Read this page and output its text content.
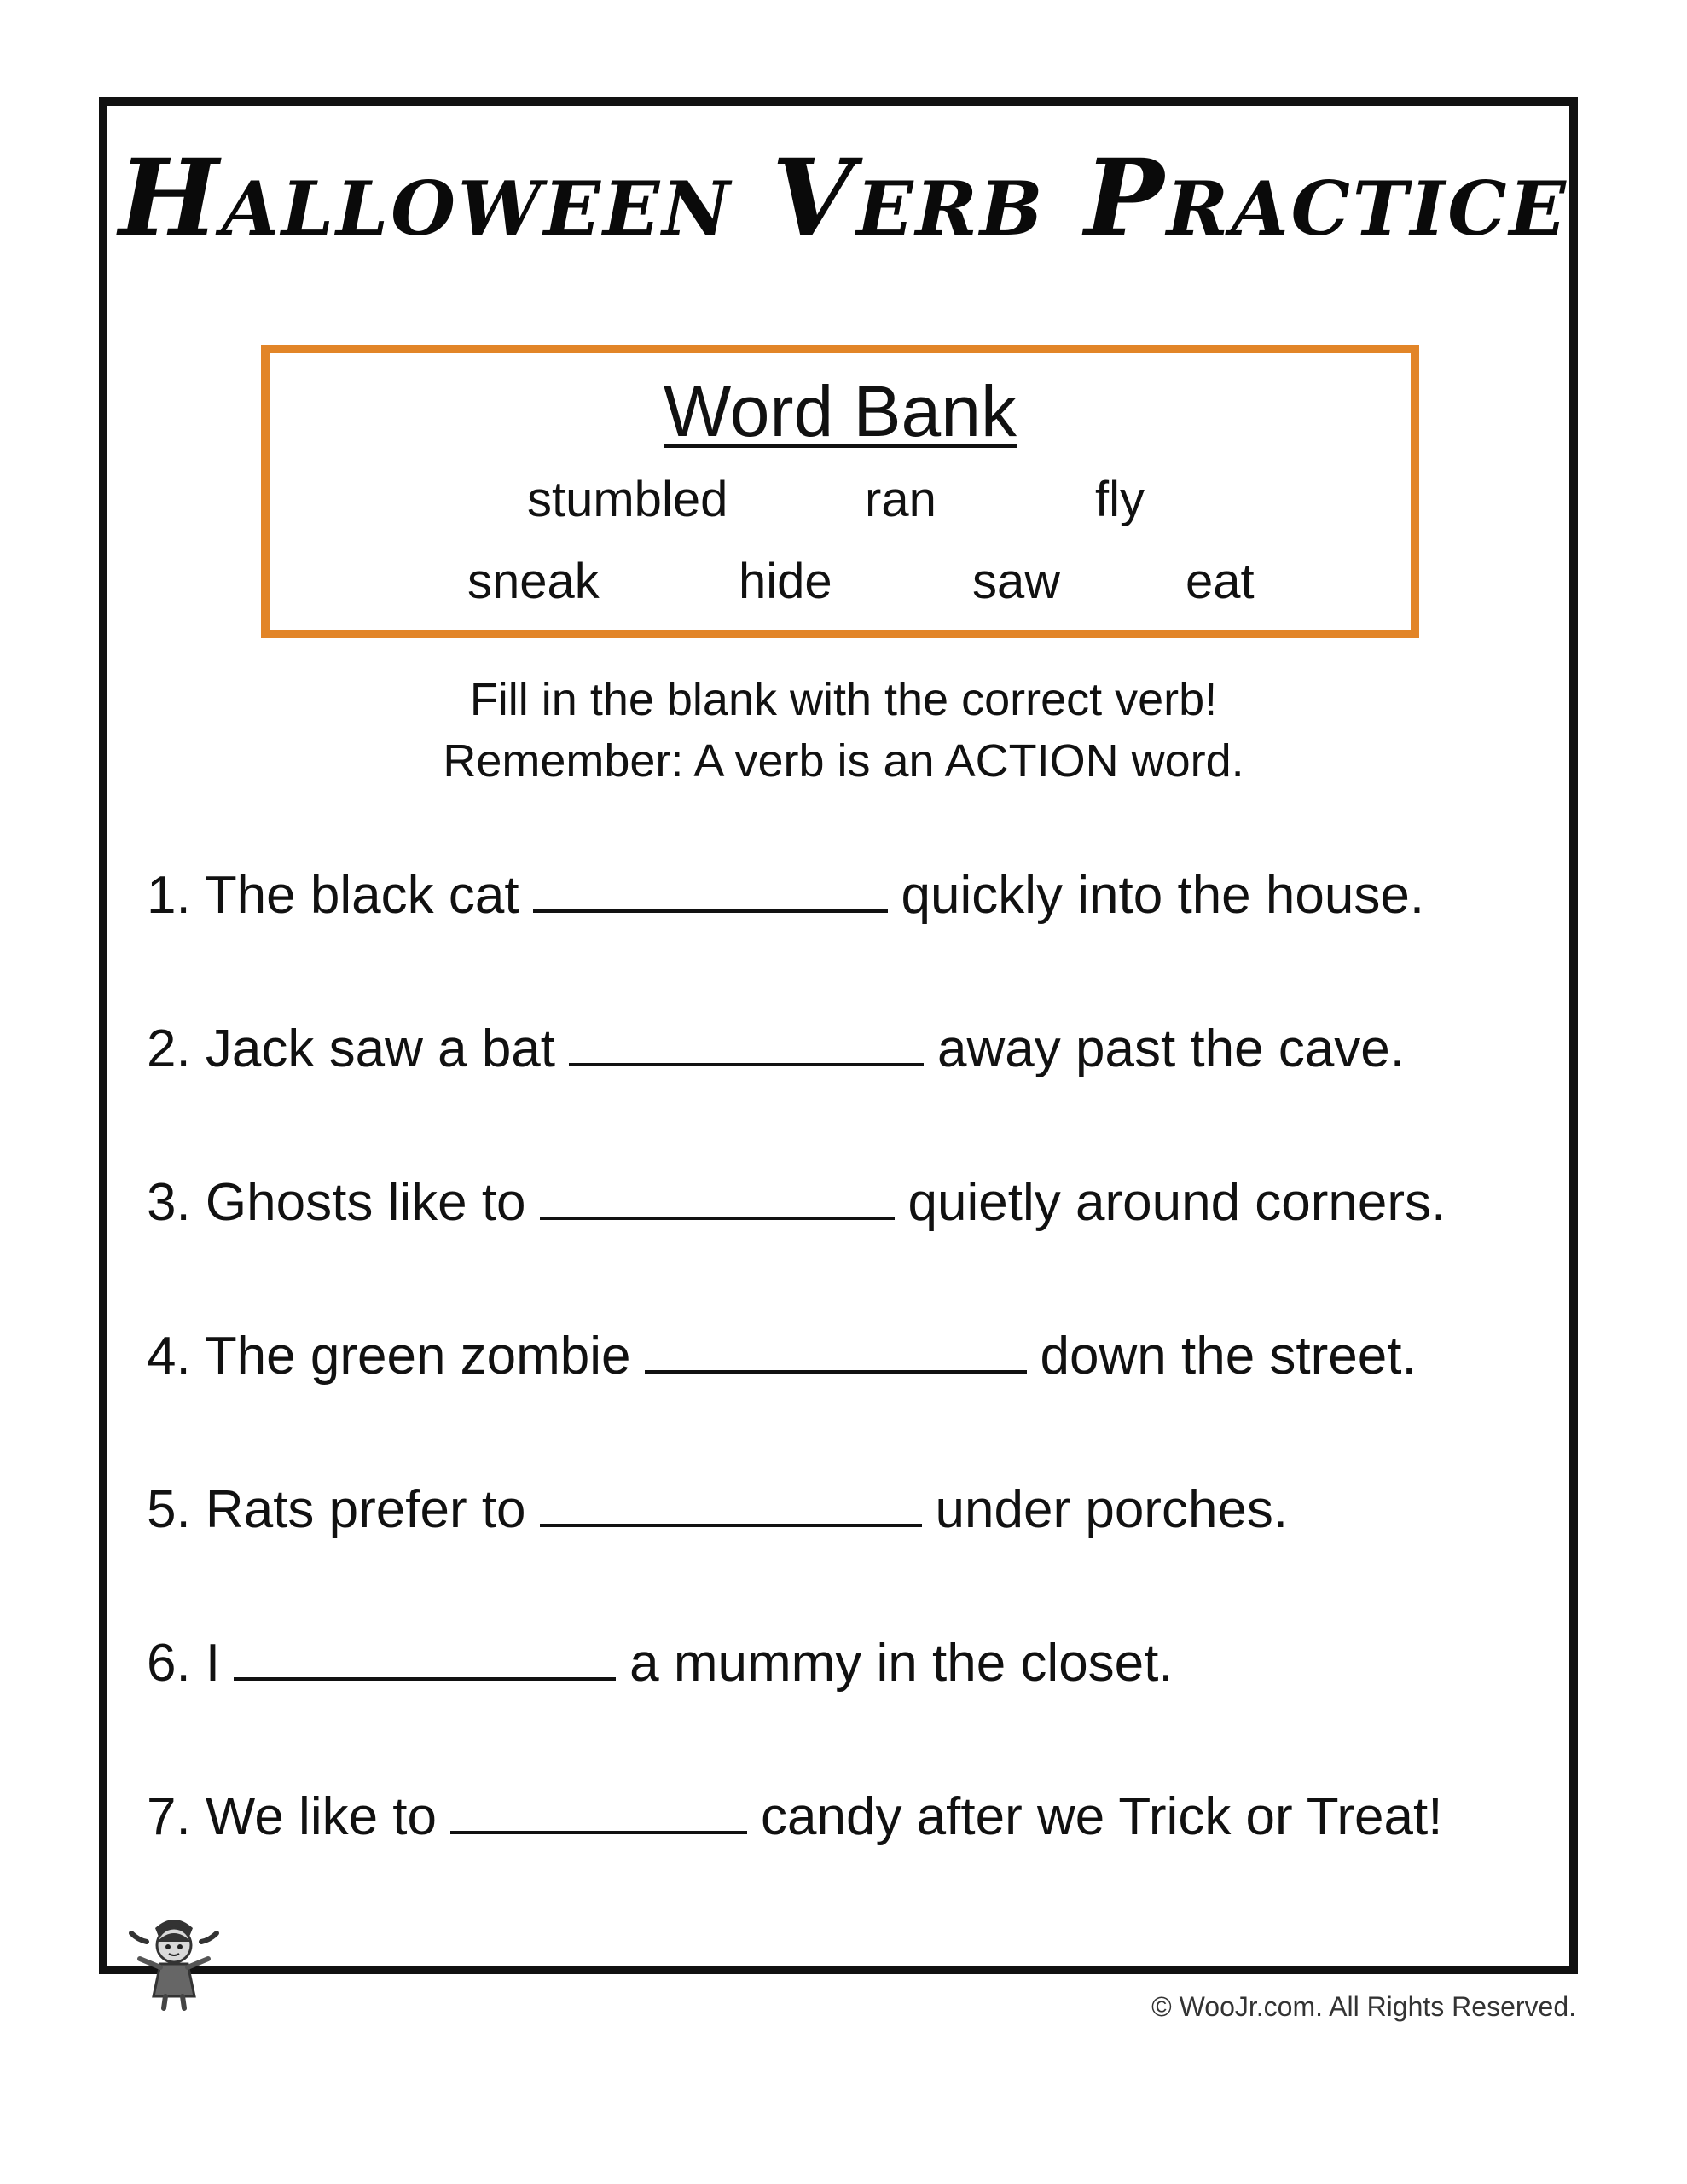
Halloween Verb Practice
Word Bank
stumbled	ran	fly
sneak	hide	saw	eat
Fill in the blank with the correct verb!
Remember: A verb is an ACTION word.
1. The black cat	quickly into the house.
2. Jack saw a bat	away past the cave.
3. Ghosts like to	quietly around corners.
4. The green zombie	down the street.
5. Rats prefer to	under porches.
6. I	a mummy in the closet.
7. We like to	candy after we Trick or Treat!
© WooJr.com. All Rights Reserved.
